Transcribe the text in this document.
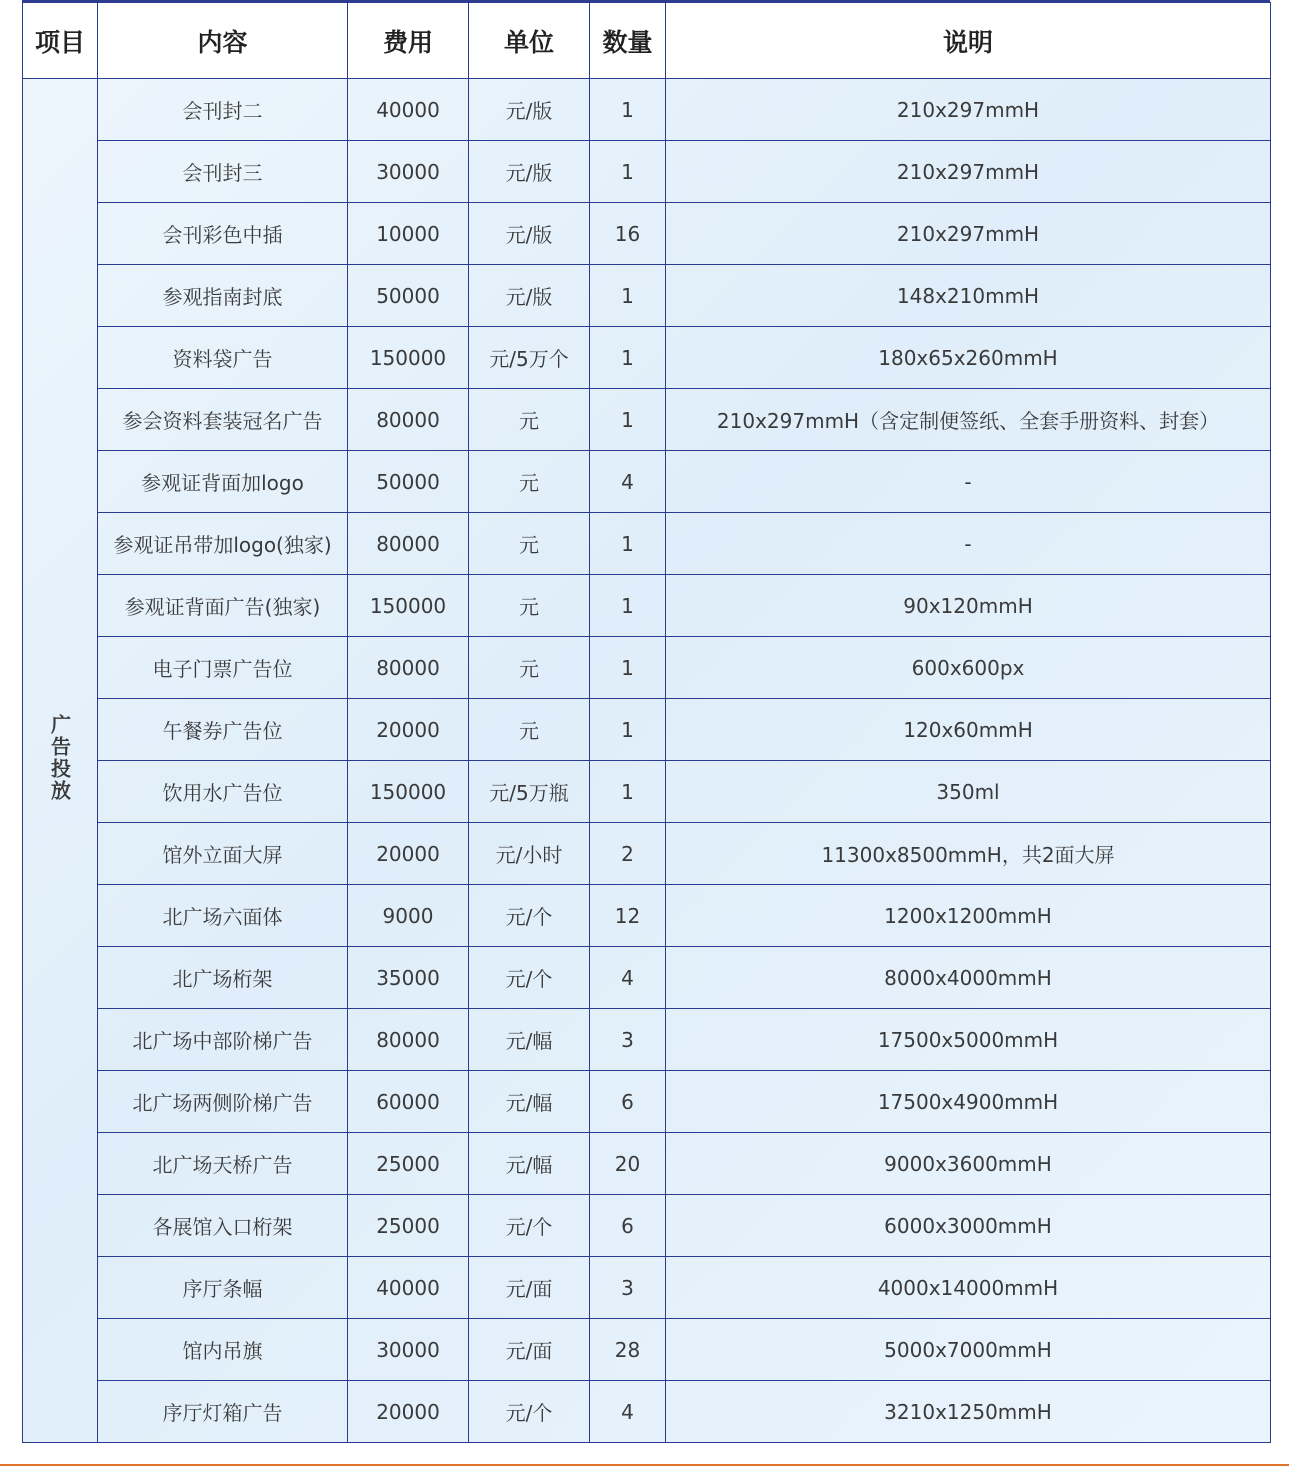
项目	内容	费用	单位	数量	说明
广告投放	会刊封二	40000	元/版	1	210x297mmH
	会刊封三	30000	元/版	1	210x297mmH
	会刊彩色中插	10000	元/版	16	210x297mmH
	参观指南封底	50000	元/版	1	148x210mmH
	资料袋广告	150000	元/5万个	1	180x65x260mmH
	参会资料套装冠名广告	80000	元	1	210x297mmH（含定制便签纸、全套手册资料、封套）
	参观证背面加logo	50000	元	4	-
	参观证吊带加logo(独家)	80000	元	1	-
	参观证背面广告(独家)	150000	元	1	90x120mmH
	电子门票广告位	80000	元	1	600x600px
	午餐券广告位	20000	元	1	120x60mmH
	饮用水广告位	150000	元/5万瓶	1	350ml
	馆外立面大屏	20000	元/小时	2	11300x8500mmH，共2面大屏
	北广场六面体	9000	元/个	12	1200x1200mmH
	北广场桁架	35000	元/个	4	8000x4000mmH
	北广场中部阶梯广告	80000	元/幅	3	17500x5000mmH
	北广场两侧阶梯广告	60000	元/幅	6	17500x4900mmH
	北广场天桥广告	25000	元/幅	20	9000x3600mmH
	各展馆入口桁架	25000	元/个	6	6000x3000mmH
	序厅条幅	40000	元/面	3	4000x14000mmH
	馆内吊旗	30000	元/面	28	5000x7000mmH
	序厅灯箱广告	20000	元/个	4	3210x1250mmH
